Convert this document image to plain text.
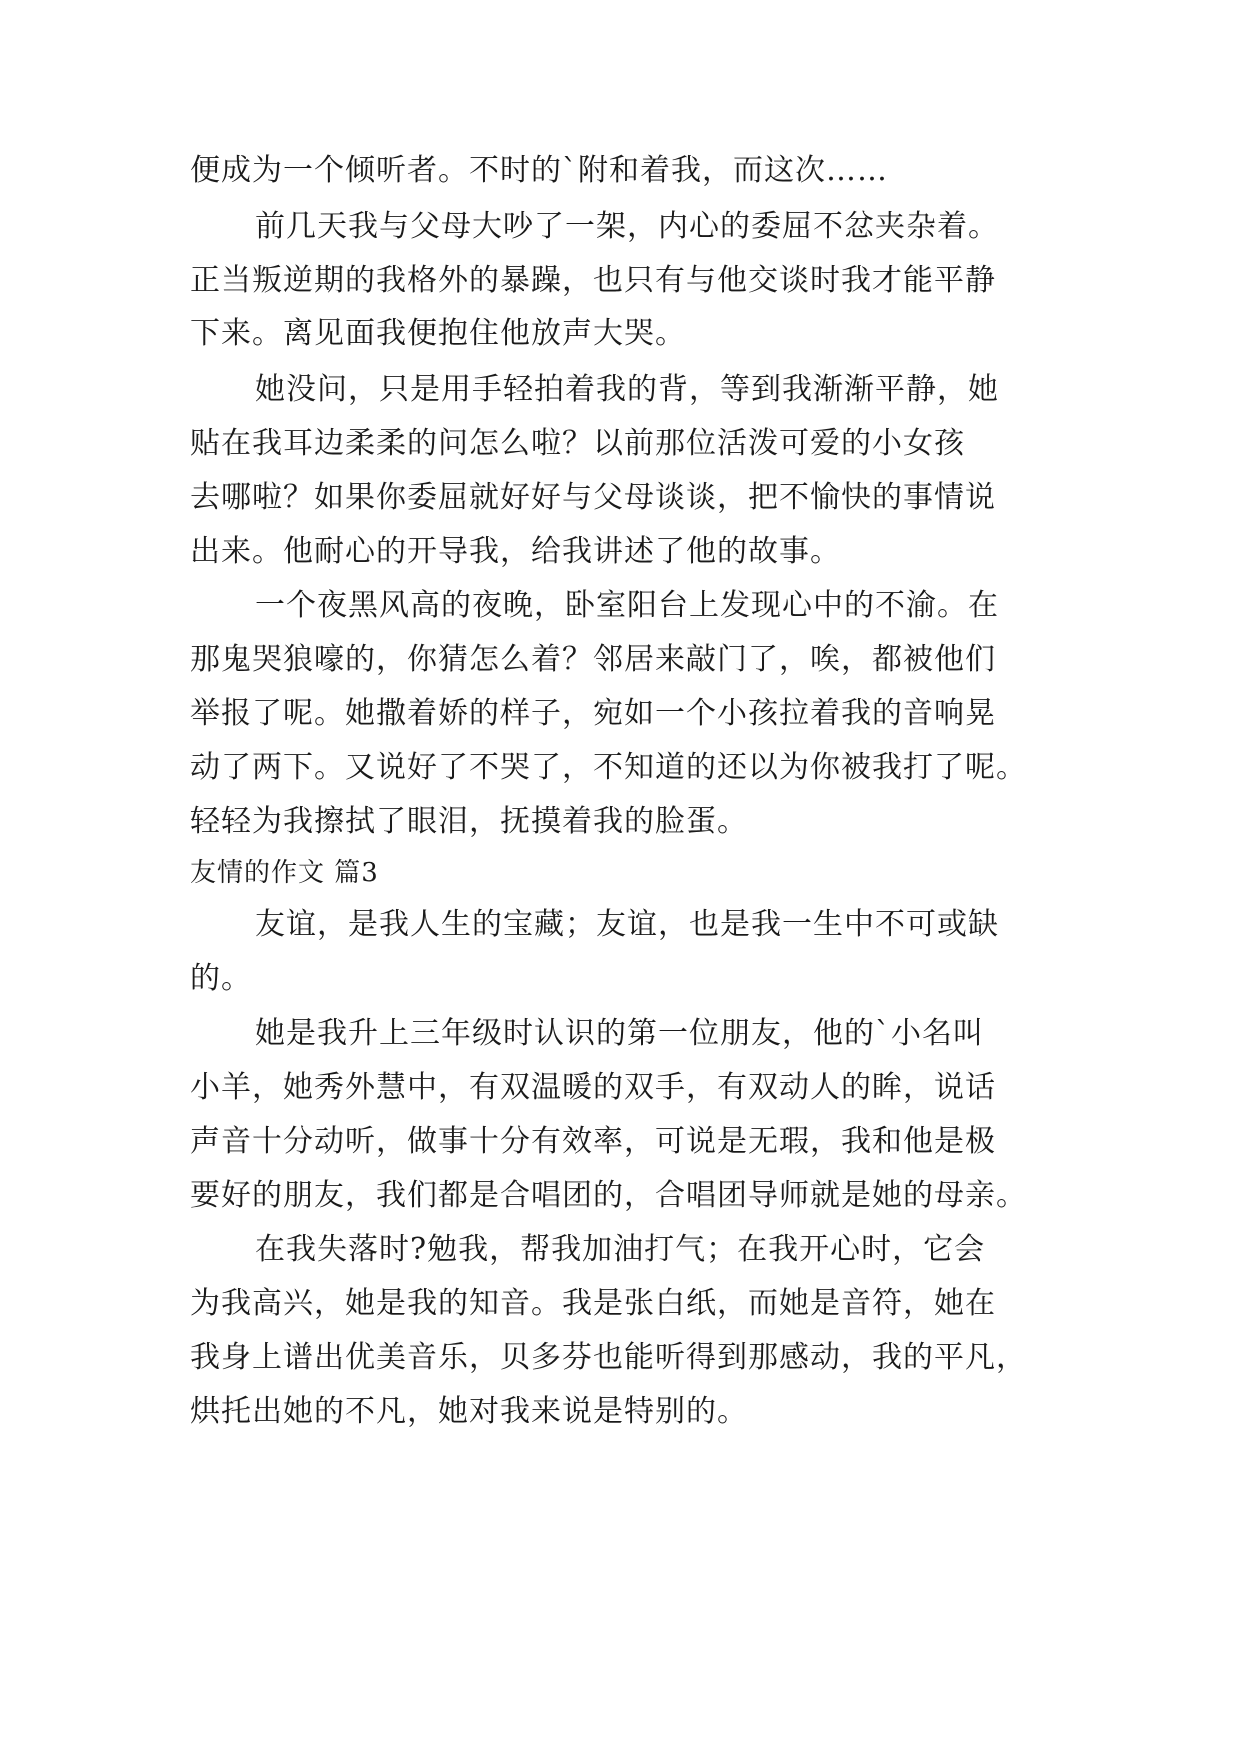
便成为一个倾听者。不时的`附和着我，而这次……
前几天我与父母大吵了一架，内心的委屈不忿夹杂着。
正当叛逆期的我格外的暴躁，也只有与他交谈时我才能平静
下来。离见面我便抱住他放声大哭。
她没问，只是用手轻拍着我的背，等到我渐渐平静，她
贴在我耳边柔柔的问怎么啦？以前那位活泼可爱的小女孩
去哪啦？如果你委屈就好好与父母谈谈，把不愉快的事情说
出来。他耐心的开导我，给我讲述了他的故事。
一个夜黑风高的夜晚，卧室阳台上发现心中的不渝。在
那鬼哭狼嚎的，你猜怎么着？邻居来敲门了，唉，都被他们
举报了呢。她撒着娇的样子，宛如一个小孩拉着我的音响晃
动了两下。又说好了不哭了，不知道的还以为你被我打了呢。
轻轻为我擦拭了眼泪，抚摸着我的脸蛋。
友情的作文 篇3
友谊，是我人生的宝藏；友谊，也是我一生中不可或缺
的。
她是我升上三年级时认识的第一位朋友，他的`小名叫
小羊，她秀外慧中，有双温暖的双手，有双动人的眸，说话
声音十分动听，做事十分有效率，可说是无瑕，我和他是极
要好的朋友，我们都是合唱团的，合唱团导师就是她的母亲。
在我失落时?勉我，帮我加油打气；在我开心时，它会
为我高兴，她是我的知音。我是张白纸，而她是音符，她在
我身上谱出优美音乐，贝多芬也能听得到那感动，我的平凡，
烘托出她的不凡，她对我来说是特别的。
